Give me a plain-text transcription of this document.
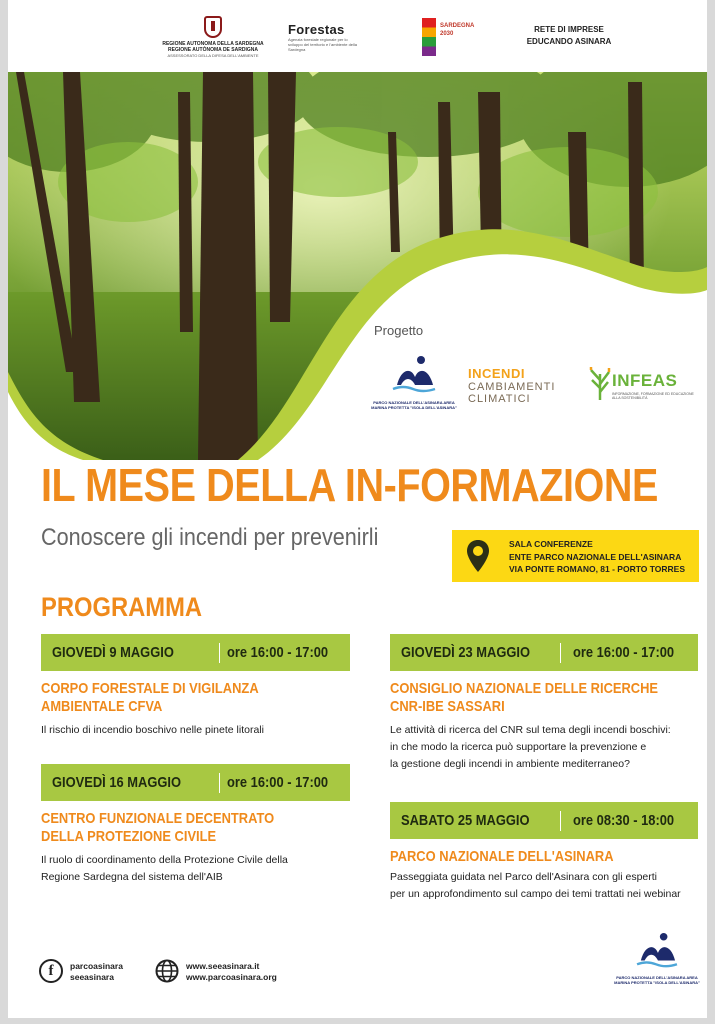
REGIONE AUTONOMA DELLA SARDEGNA
REGIONE AUTÒNOMA DE SARDIGNA
ASSESSORATO DELLA DIFESA DELL'AMBIENTE
Forestas
Agenzia forestale regionale per lo sviluppo del territorio e l'ambiente della Sardegna
SARDEGNA 2030	RETE DI IMPRESE
EDUCANDO ASINARA
Progetto
PARCO NAZIONALE DELL'ASINARA AREA MARINA PROTETTA "ISOLA DELL'ASINARA"
INCENDI
CAMBIAMENTI
CLIMATICI
INFEAS
INFORMAZIONE, FORMAZIONE ED EDUCAZIONE ALLA SOSTENIBILITÀ
IL MESE DELLA IN-FORMAZIONE
Conoscere gli incendi per prevenirli	SALA CONFERENZE
ENTE PARCO NAZIONALE DELL'ASINARA
VIA PONTE ROMANO, 81 - PORTO TORRES
PROGRAMMA
GIOVEDÌ 9 MAGGIO	ore 16:00 - 17:00
CORPO FORESTALE DI VIGILANZA
AMBIENTALE CFVA
Il rischio di incendio boschivo nelle pinete litorali
GIOVEDÌ 16 MAGGIO	ore 16:00 - 17:00
CENTRO FUNZIONALE DECENTRATO
DELLA PROTEZIONE CIVILE
Il ruolo di coordinamento della Protezione Civile della
Regione Sardegna del sistema dell'AIB
GIOVEDÌ 23 MAGGIO	ore 16:00 - 17:00
CONSIGLIO NAZIONALE DELLE RICERCHE
CNR-IBE SASSARI
Le attività di ricerca del CNR sul tema degli incendi boschivi:
in che modo la ricerca può supportare la prevenzione e
la gestione degli incendi in ambiente mediterraneo?
SABATO 25 MAGGIO	ore 08:30 - 18:00
PARCO NAZIONALE DELL'ASINARA
Passeggiata guidata nel Parco dell'Asinara con gli esperti
per un approfondimento sul campo dei temi trattati nei webinar
f	parcoasinara
seeasinara
www.seeasinara.it
www.parcoasinara.org	PARCO NAZIONALE DELL'ASINARA AREA MARINA PROTETTA "ISOLA DELL'ASINARA"
